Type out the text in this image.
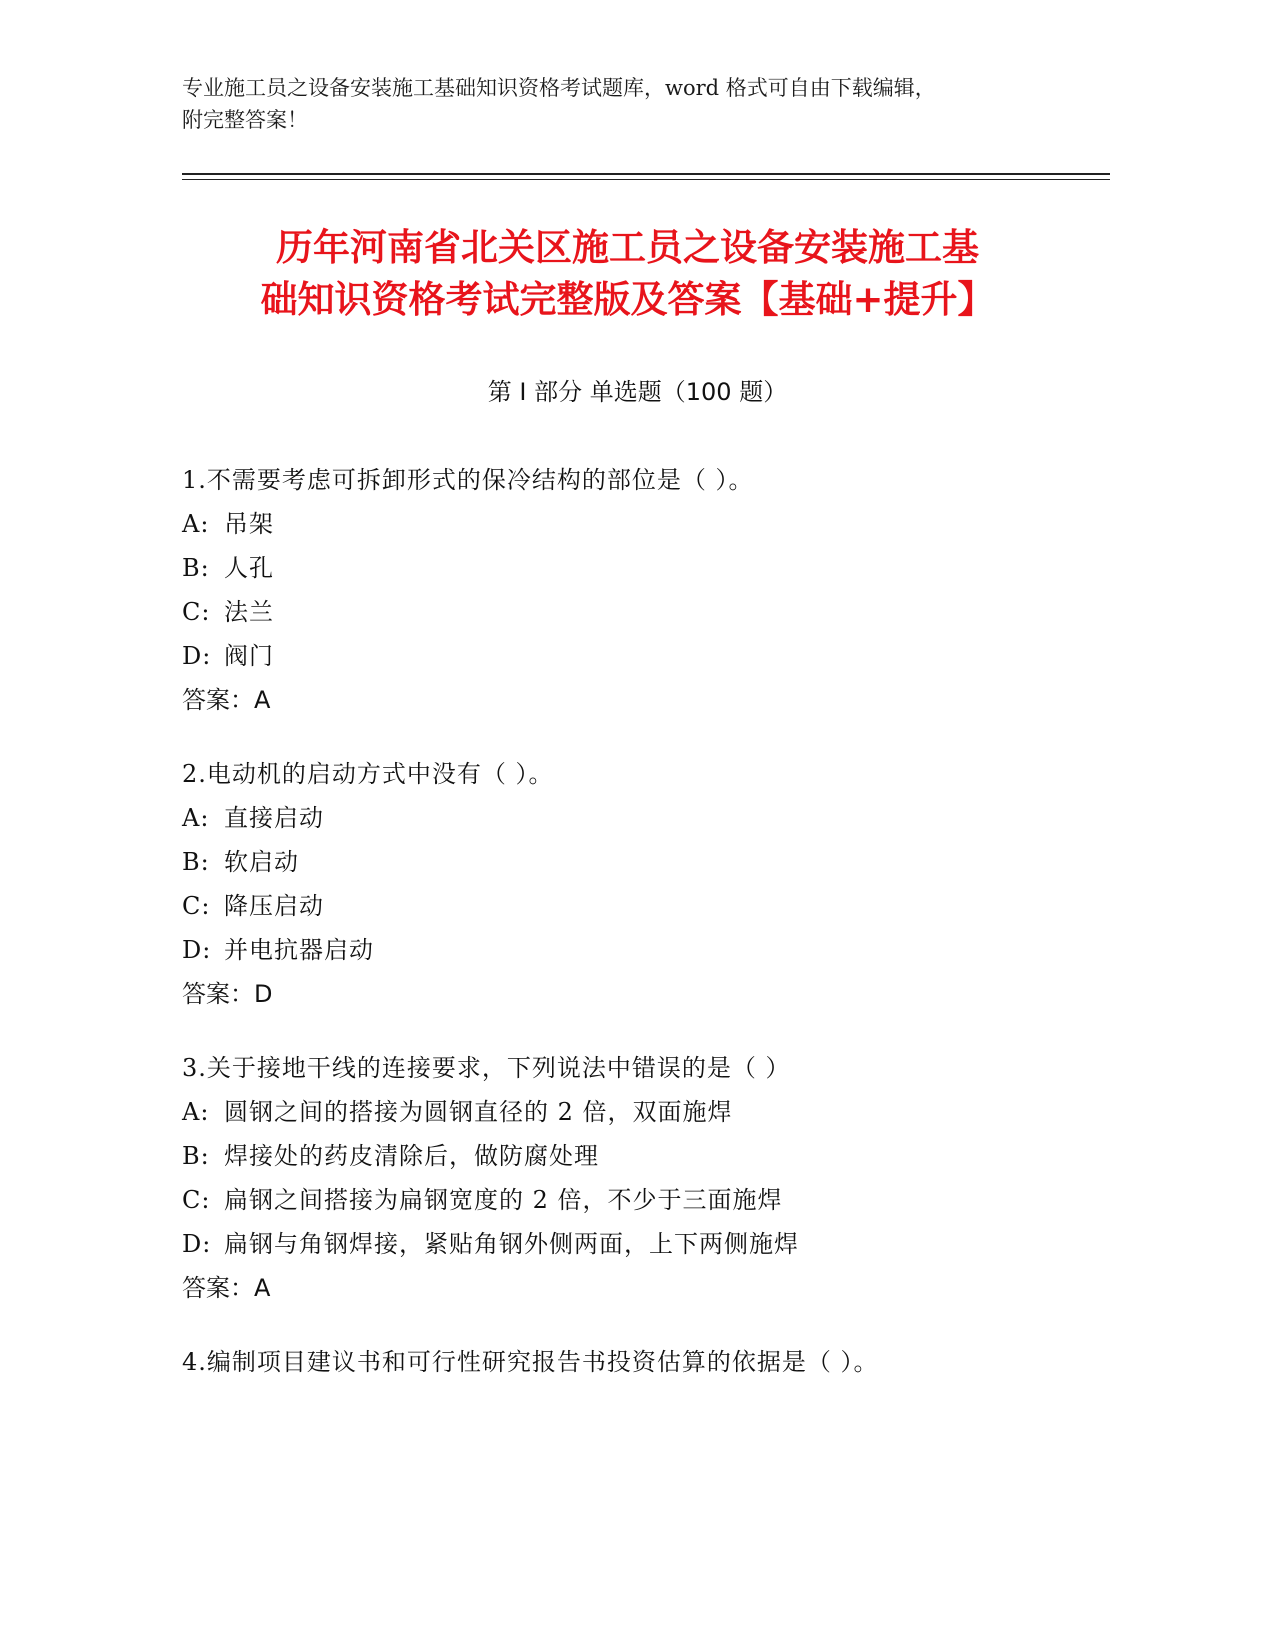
专业施工员之设备安装施工基础知识资格考试题库，word 格式可自由下载编辑，
附完整答案！
历年河南省北关区施工员之设备安装施工基
础知识资格考试完整版及答案【基础+提升】
第 I 部分 单选题（100 题）
1.不需要考虑可拆卸形式的保冷结构的部位是（ ）。
A: 吊架
B: 人孔
C: 法兰
D: 阀门
答案：A
2.电动机的启动方式中没有（ ）。
A: 直接启动
B: 软启动
C: 降压启动
D: 并电抗器启动
答案：D
3.关于接地干线的连接要求，下列说法中错误的是（ ）
A: 圆钢之间的搭接为圆钢直径的 2 倍，双面施焊
B: 焊接处的药皮清除后，做防腐处理
C: 扁钢之间搭接为扁钢宽度的 2 倍，不少于三面施焊
D: 扁钢与角钢焊接，紧贴角钢外侧两面，上下两侧施焊
答案：A
4.编制项目建议书和可行性研究报告书投资估算的依据是（ ）。
